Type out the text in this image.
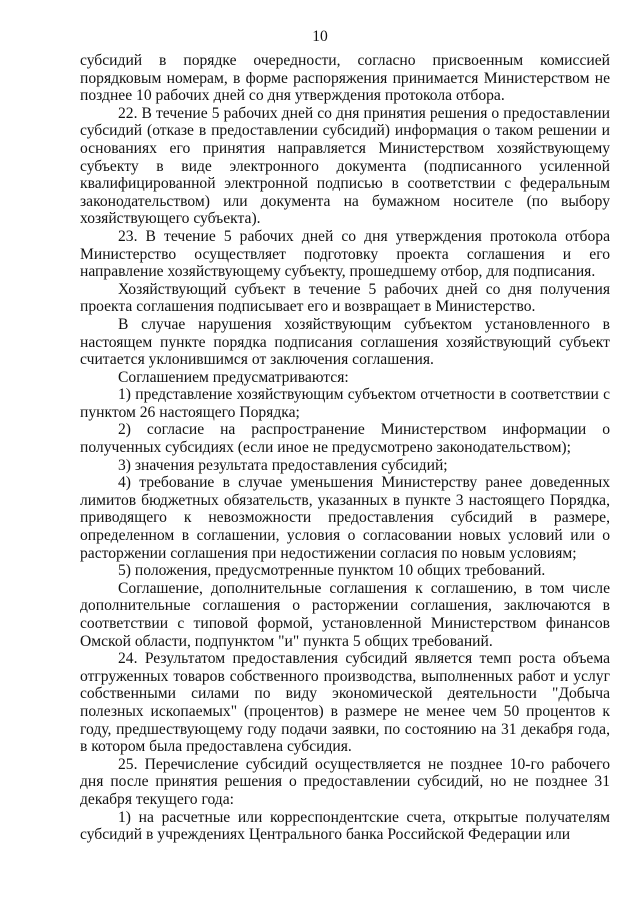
10

субсидий в порядке очередности, согласно присвоенным комиссией порядковым номерам, в форме распоряжения принимается Министерством не позднее 10 рабочих дней со дня утверждения протокола отбора.

22. В течение 5 рабочих дней со дня принятия решения о предоставлении субсидий (отказе в предоставлении субсидий) информация о таком решении и основаниях его принятия направляется Министерством хозяйствующему субъекту в виде электронного документа (подписанного усиленной квалифицированной электронной подписью в соответствии с федеральным законодательством) или документа на бумажном носителе (по выбору хозяйствующего субъекта).

23. В течение 5 рабочих дней со дня утверждения протокола отбора Министерство осуществляет подготовку проекта соглашения и его направление хозяйствующему субъекту, прошедшему отбор, для подписания.

Хозяйствующий субъект в течение 5 рабочих дней со дня получения проекта соглашения подписывает его и возвращает в Министерство.

В случае нарушения хозяйствующим субъектом установленного в настоящем пункте порядка подписания соглашения хозяйствующий субъект считается уклонившимся от заключения соглашения.

Соглашением предусматриваются:

1) представление хозяйствующим субъектом отчетности в соответствии с пунктом 26 настоящего Порядка;

2) согласие на распространение Министерством информации о полученных субсидиях (если иное не предусмотрено законодательством);

3) значения результата предоставления субсидий;

4) требование в случае уменьшения Министерству ранее доведенных лимитов бюджетных обязательств, указанных в пункте 3 настоящего Порядка, приводящего к невозможности предоставления субсидий в размере, определенном в соглашении, условия о согласовании новых условий или о расторжении соглашения при недостижении согласия по новым условиям;

5) положения, предусмотренные пунктом 10 общих требований.

Соглашение, дополнительные соглашения к соглашению, в том числе дополнительные соглашения о расторжении соглашения, заключаются в соответствии с типовой формой, установленной Министерством финансов Омской области, подпунктом "и" пункта 5 общих требований.

24. Результатом предоставления субсидий является темп роста объема отгруженных товаров собственного производства, выполненных работ и услуг собственными силами по виду экономической деятельности "Добыча полезных ископаемых" (процентов) в размере не менее чем 50 процентов к году, предшествующему году подачи заявки, по состоянию на 31 декабря года, в котором была предоставлена субсидия.

25. Перечисление субсидий осуществляется не позднее 10-го рабочего дня после принятия решения о предоставлении субсидий, но не позднее 31 декабря текущего года:

1) на расчетные или корреспондентские счета, открытые получателям субсидий в учреждениях Центрального банка Российской Федерации или
